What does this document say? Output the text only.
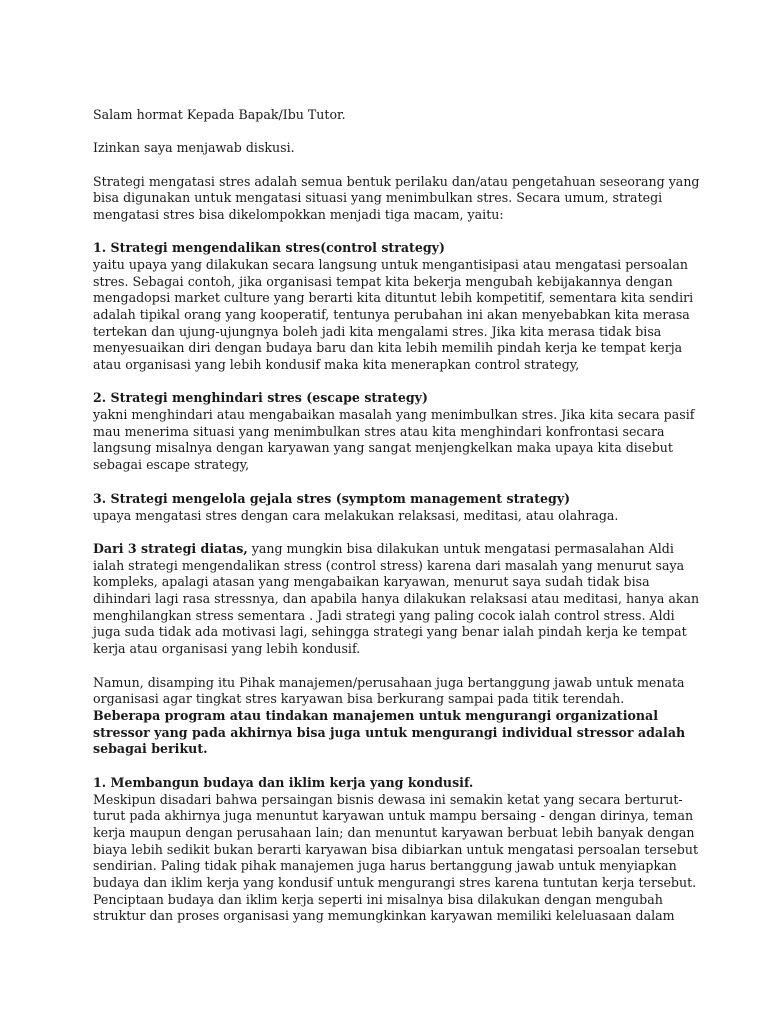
Salam hormat Kepada Bapak/Ibu Tutor.
Izinkan saya menjawab diskusi.
Strategi mengatasi stres adalah semua bentuk perilaku dan/atau pengetahuan seseorang yang
bisa digunakan untuk mengatasi situasi yang menimbulkan stres. Secara umum, strategi
mengatasi stres bisa dikelompokkan menjadi tiga macam, yaitu:
1. Strategi mengendalikan stres(control strategy)
yaitu upaya yang dilakukan secara langsung untuk mengantisipasi atau mengatasi persoalan
stres. Sebagai contoh, jika organisasi tempat kita bekerja mengubah kebijakannya dengan
mengadopsi market culture yang berarti kita dituntut lebih kompetitif, sementara kita sendiri
adalah tipikal orang yang kooperatif, tentunya perubahan ini akan menyebabkan kita merasa
tertekan dan ujung-ujungnya boleh jadi kita mengalami stres. Jika kita merasa tidak bisa
menyesuaikan diri dengan budaya baru dan kita lebih memilih pindah kerja ke tempat kerja
atau organisasi yang lebih kondusif maka kita menerapkan control strategy,
2. Strategi menghindari stres (escape strategy)
yakni menghindari atau mengabaikan masalah yang menimbulkan stres. Jika kita secara pasif
mau menerima situasi yang menimbulkan stres atau kita menghindari konfrontasi secara
langsung misalnya dengan karyawan yang sangat menjengkelkan maka upaya kita disebut
sebagai escape strategy,
3. Strategi mengelola gejala stres (symptom management strategy)
upaya mengatasi stres dengan cara melakukan relaksasi, meditasi, atau olahraga.
Dari 3 strategi diatas, yang mungkin bisa dilakukan untuk mengatasi permasalahan Aldi
ialah strategi mengendalikan stress (control stress) karena dari masalah yang menurut saya
kompleks, apalagi atasan yang mengabaikan karyawan, menurut saya sudah tidak bisa
dihindari lagi rasa stressnya, dan apabila hanya dilakukan relaksasi atau meditasi, hanya akan
menghilangkan stress sementara . Jadi strategi yang paling cocok ialah control stress. Aldi
juga suda tidak ada motivasi lagi, sehingga strategi yang benar ialah pindah kerja ke tempat
kerja atau organisasi yang lebih kondusif.
Namun, disamping itu Pihak manajemen/perusahaan juga bertanggung jawab untuk menata
organisasi agar tingkat stres karyawan bisa berkurang sampai pada titik terendah.
Beberapa program atau tindakan manajemen untuk mengurangi organizational
stressor yang pada akhirnya bisa juga untuk mengurangi individual stressor adalah
sebagai berikut.
1. Membangun budaya dan iklim kerja yang kondusif.
Meskipun disadari bahwa persaingan bisnis dewasa ini semakin ketat yang secara berturut-
turut pada akhirnya juga menuntut karyawan untuk mampu bersaing - dengan dirinya, teman
kerja maupun dengan perusahaan lain; dan menuntut karyawan berbuat lebih banyak dengan
biaya lebih sedikit bukan berarti karyawan bisa dibiarkan untuk mengatasi persoalan tersebut
sendirian. Paling tidak pihak manajemen juga harus bertanggung jawab untuk menyiapkan
budaya dan iklim kerja yang kondusif untuk mengurangi stres karena tuntutan kerja tersebut.
Penciptaan budaya dan iklim kerja seperti ini misalnya bisa dilakukan dengan mengubah
struktur dan proses organisasi yang memungkinkan karyawan memiliki keleluasaan dalam
